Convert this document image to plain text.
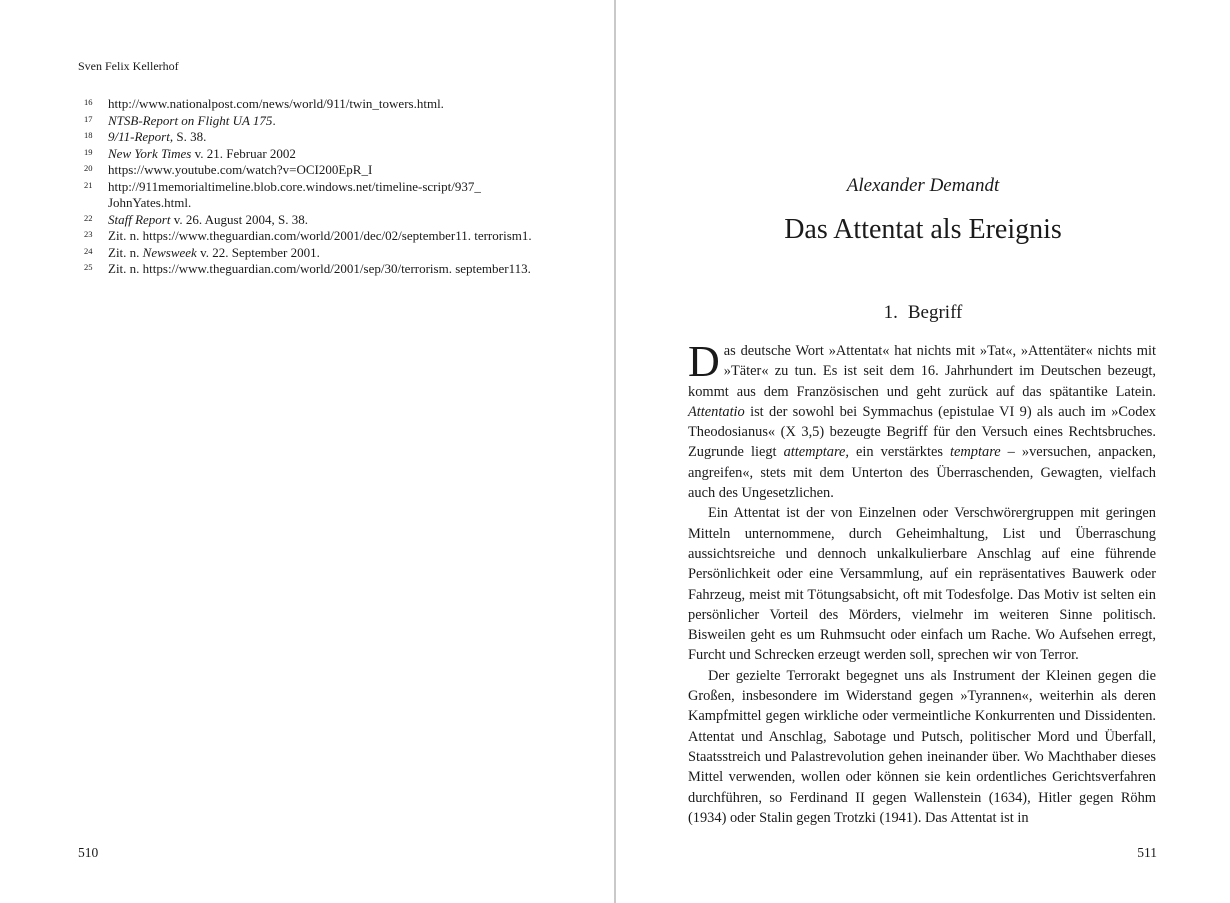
Sven Felix Kellerhof
16	http://www.nationalpost.com/news/world/911/twin_towers.html.
17	NTSB-Report on Flight UA 175.
18	9/11-Report, S. 38.
19	New York Times v. 21. Februar 2002
20	https://www.youtube.com/watch?v=OCI200EpR_I
21	http://911memorialtimeline.blob.core.windows.net/timeline-script/937_ JohnYates.html.
22	Staff Report v. 26. August 2004, S. 38.
23	Zit. n. https://www.theguardian.com/world/2001/dec/02/september11. terrorism1.
24	Zit. n. Newsweek v. 22. September 2001.
25	Zit. n. https://www.theguardian.com/world/2001/sep/30/terrorism. september113.
510
Alexander Demandt
Das Attentat als Ereignis
1. Begriff

Das deutsche Wort »Attentat« hat nichts mit »Tat«, »Attentäter« nichts mit »Täter« zu tun. Es ist seit dem 16. Jahrhundert im Deutschen bezeugt, kommt aus dem Französischen und geht zurück auf das spätantike Latein. Attentatio ist der sowohl bei Symmachus (epistulae VI 9) als auch im »Codex Theodosianus« (X 3,5) bezeugte Begriff für den Versuch eines Rechtsbruches. Zugrunde liegt attemptare, ein verstärktes temptare – »versuchen, anpacken, angreifen«, stets mit dem Unterton des Überraschenden, Gewagten, vielfach auch des Ungesetzlichen.

Ein Attentat ist der von Einzelnen oder Verschwörergruppen mit geringen Mitteln unternommene, durch Geheimhaltung, List und Überraschung aussichtsreiche und dennoch unkalkulierbare Anschlag auf eine führende Persönlichkeit oder eine Versammlung, auf ein repräsentatives Bauwerk oder Fahrzeug, meist mit Tötungsabsicht, oft mit Todesfolge. Das Motiv ist selten ein persönlicher Vorteil des Mörders, vielmehr im weiteren Sinne politisch. Bisweilen geht es um Ruhmsucht oder einfach um Rache. Wo Aufsehen erregt, Furcht und Schrecken erzeugt werden soll, sprechen wir von Terror.

Der gezielte Terrorakt begegnet uns als Instrument der Kleinen gegen die Großen, insbesondere im Widerstand gegen »Tyrannen«, weiterhin als deren Kampfmittel gegen wirkliche oder vermeintliche Konkurrenten und Dissidenten. Attentat und Anschlag, Sabotage und Putsch, politischer Mord und Überfall, Staatsstreich und Palastrevolution gehen ineinander über. Wo Machthaber dieses Mittel verwenden, wollen oder können sie kein ordentliches Gerichtsverfahren durchführen, so Ferdinand II gegen Wallenstein (1634), Hitler gegen Röhm (1934) oder Stalin gegen Trotzki (1941). Das Attentat ist in

511
